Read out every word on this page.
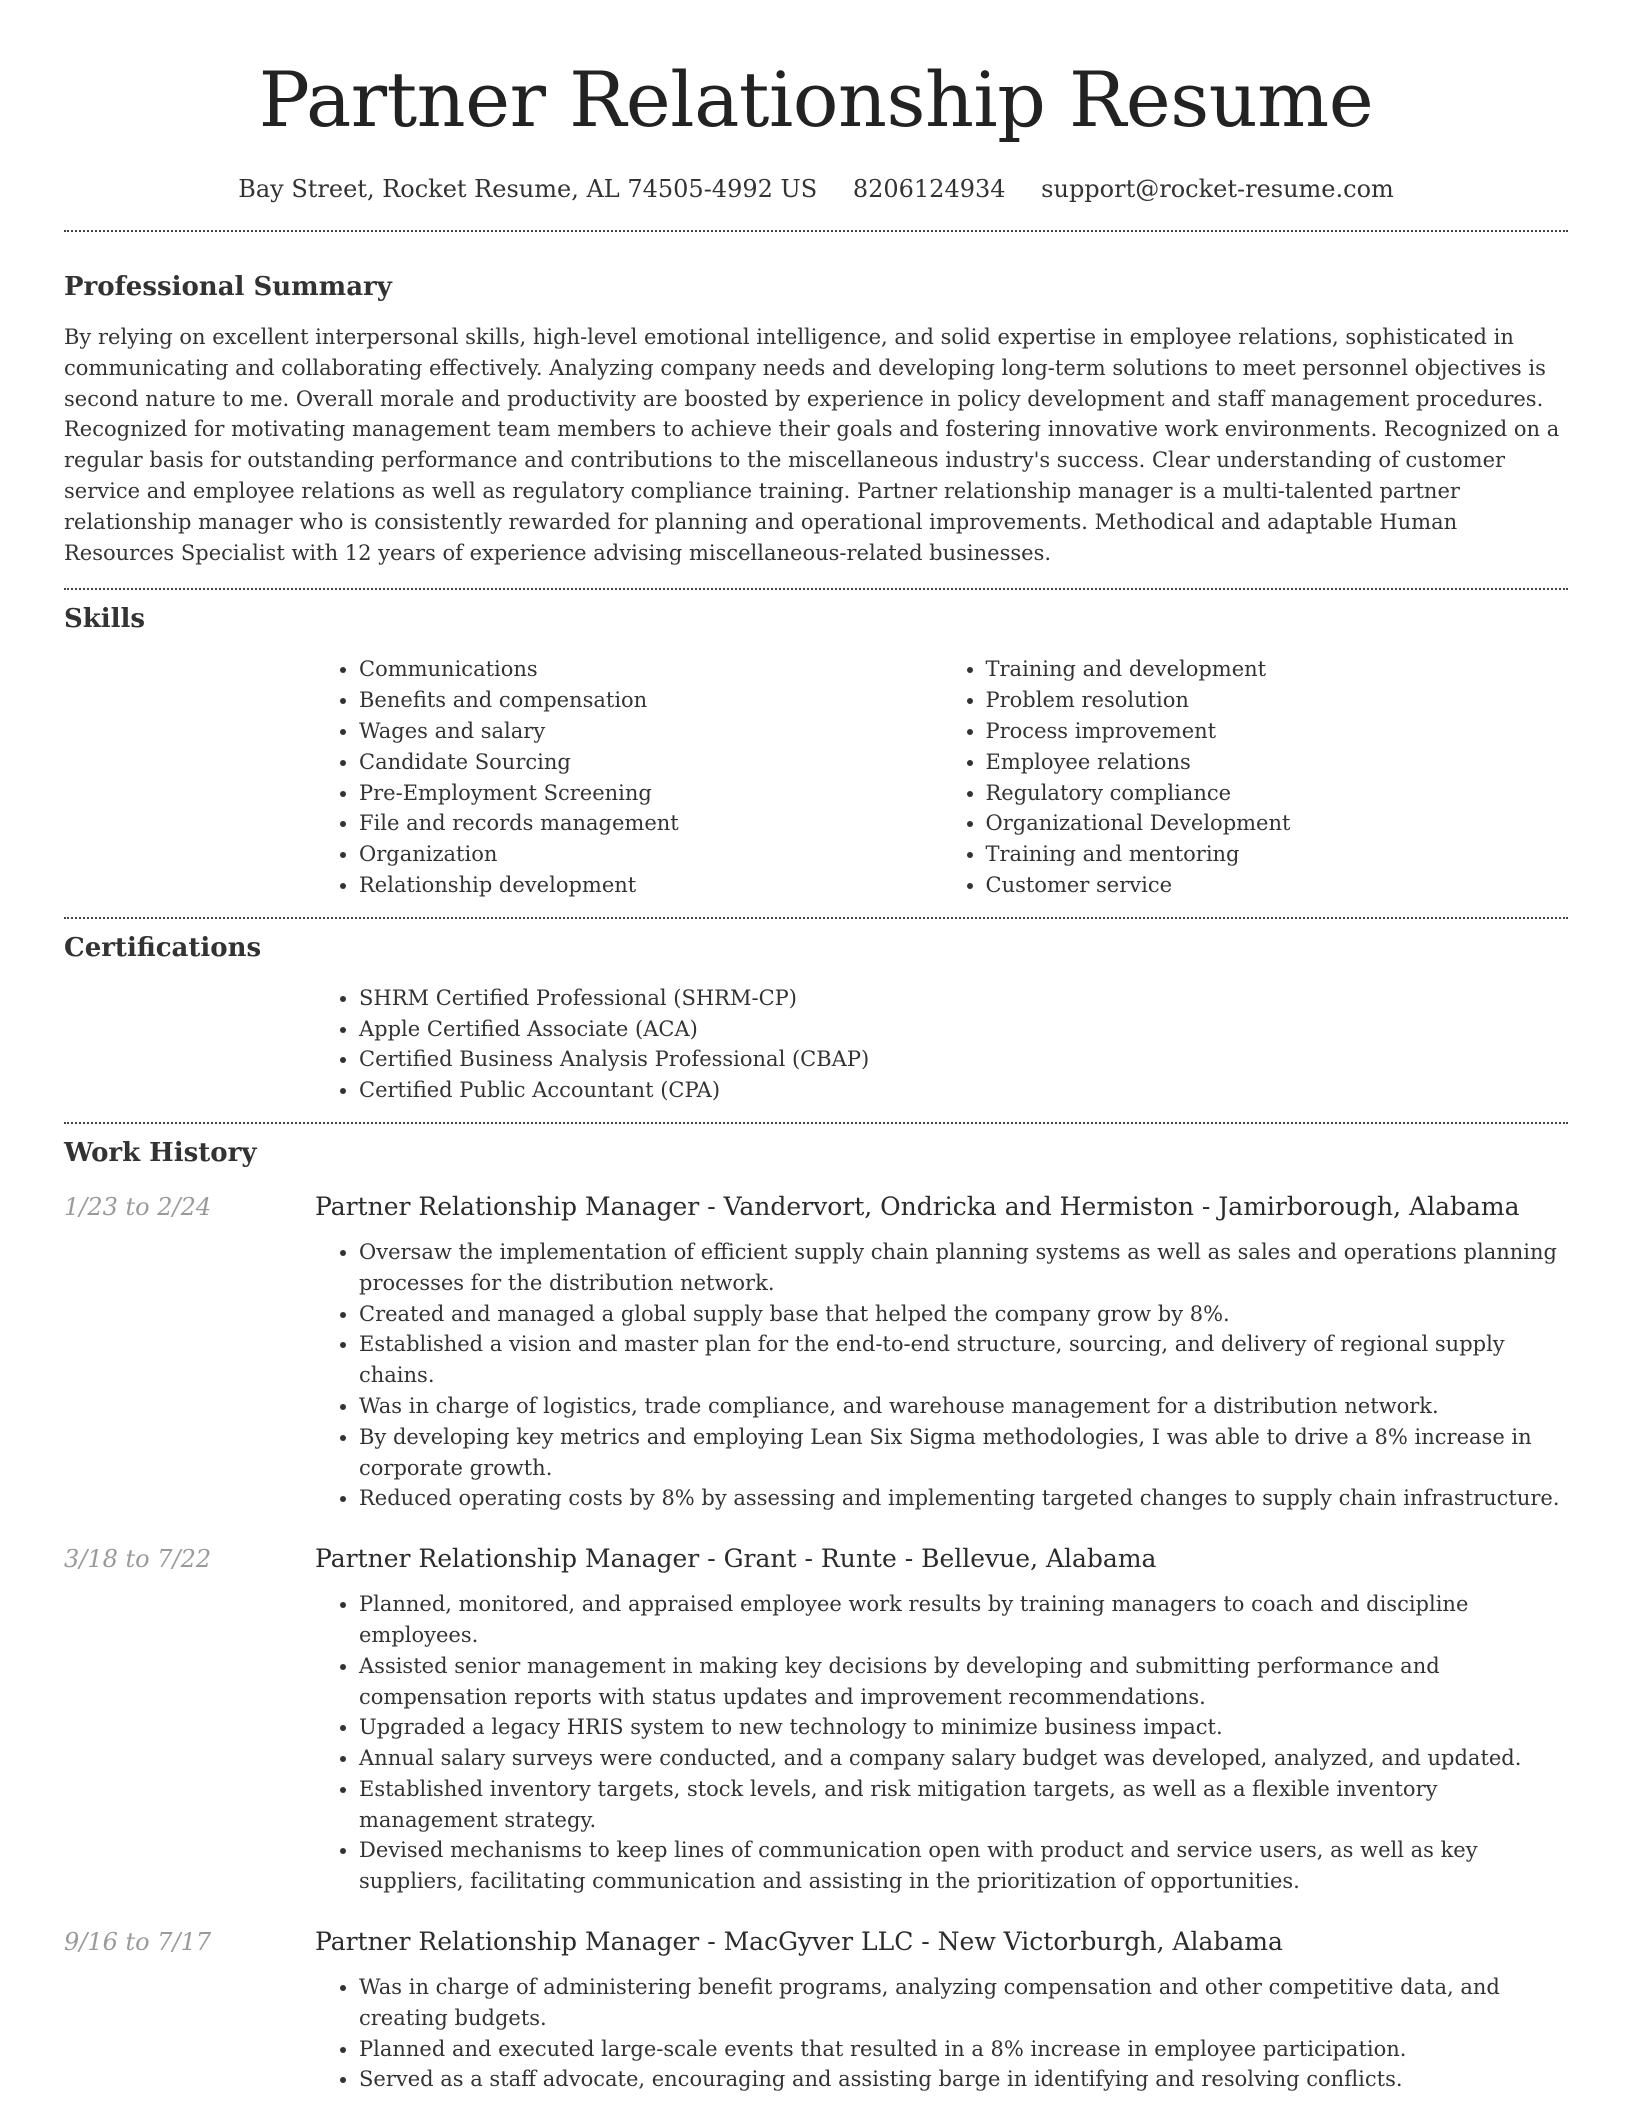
Partner Relationship Resume
Bay Street, Rocket Resume, AL 74505-4992 US 8206124934 support@rocket-resume.com
Professional Summary

By relying on excellent interpersonal skills, high-level emotional intelligence, and solid expertise in employee relations, sophisticated in communicating and collaborating effectively. Analyzing company needs and developing long-term solutions to meet personnel objectives is second nature to me. Overall morale and productivity are boosted by experience in policy development and staff management procedures. Recognized for motivating management team members to achieve their goals and fostering innovative work environments. Recognized on a regular basis for outstanding performance and contributions to the miscellaneous industry's success. Clear understanding of customer service and employee relations as well as regulatory compliance training. Partner relationship manager is a multi-talented partner relationship manager who is consistently rewarded for planning and operational improvements. Methodical and adaptable Human Resources Specialist with 12 years of experience advising miscellaneous-related businesses.

Skills
• Communications
• Benefits and compensation
• Wages and salary
• Candidate Sourcing
• Pre-Employment Screening
• File and records management
• Organization
• Relationship development
• Training and development
• Problem resolution
• Process improvement
• Employee relations
• Regulatory compliance
• Organizational Development
• Training and mentoring
• Customer service
Certifications
• SHRM Certified Professional (SHRM-CP)
• Apple Certified Associate (ACA)
• Certified Business Analysis Professional (CBAP)
• Certified Public Accountant (CPA)
Work History
1/23 to 2/24	Partner Relationship Manager - Vandervort, Ondricka and Hermiston - Jamirborough, Alabama
• Oversaw the implementation of efficient supply chain planning systems as well as sales and operations planning processes for the distribution network.
• Created and managed a global supply base that helped the company grow by 8%.
• Established a vision and master plan for the end-to-end structure, sourcing, and delivery of regional supply chains.
• Was in charge of logistics, trade compliance, and warehouse management for a distribution network.
• By developing key metrics and employing Lean Six Sigma methodologies, I was able to drive a 8% increase in corporate growth.
• Reduced operating costs by 8% by assessing and implementing targeted changes to supply chain infrastructure.
3/18 to 7/22	Partner Relationship Manager - Grant - Runte - Bellevue, Alabama
• Planned, monitored, and appraised employee work results by training managers to coach and discipline employees.
• Assisted senior management in making key decisions by developing and submitting performance and compensation reports with status updates and improvement recommendations.
• Upgraded a legacy HRIS system to new technology to minimize business impact.
• Annual salary surveys were conducted, and a company salary budget was developed, analyzed, and updated.
• Established inventory targets, stock levels, and risk mitigation targets, as well as a flexible inventory management strategy.
• Devised mechanisms to keep lines of communication open with product and service users, as well as key suppliers, facilitating communication and assisting in the prioritization of opportunities.
9/16 to 7/17	Partner Relationship Manager - MacGyver LLC - New Victorburgh, Alabama
• Was in charge of administering benefit programs, analyzing compensation and other competitive data, and creating budgets.
• Planned and executed large-scale events that resulted in a 8% increase in employee participation.
• Served as a staff advocate, encouraging and assisting barge in identifying and resolving conflicts.
